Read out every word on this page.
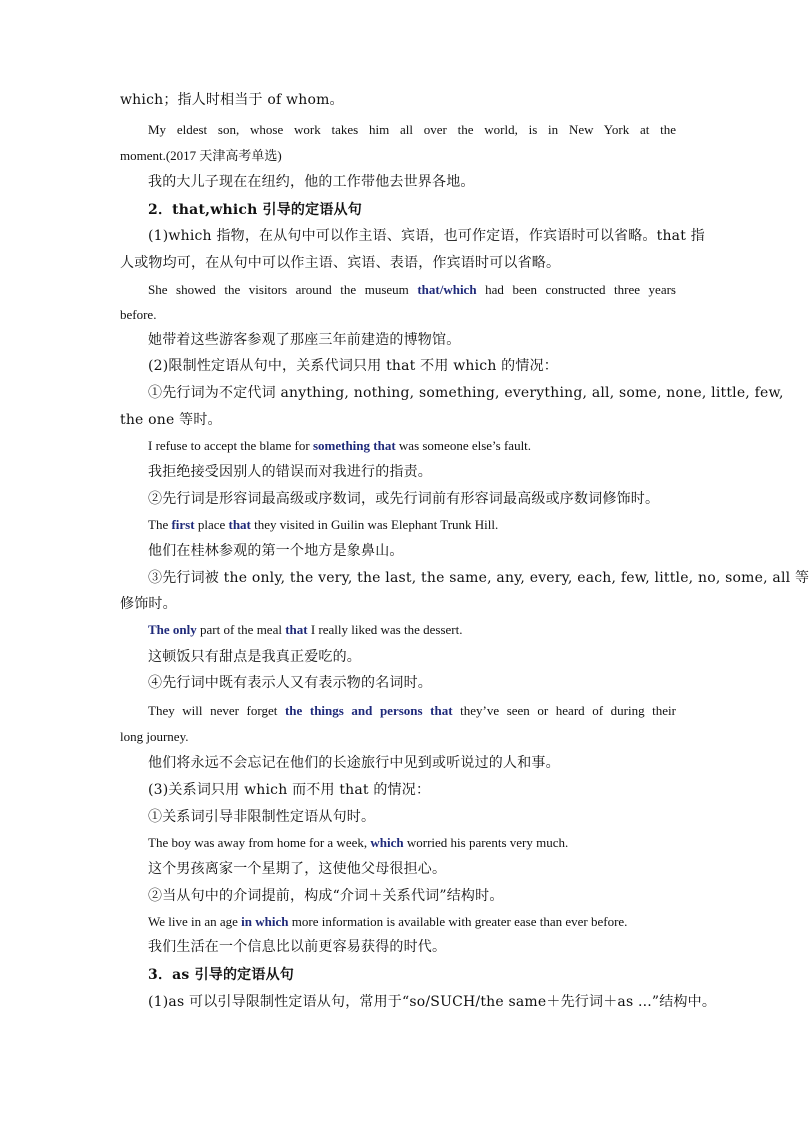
which；指人时相当于 of whom。
My eldest son, whose work takes him all over the world, is in New York at the
moment.(2017 天津高考单选)
我的大儿子现在在纽约，他的工作带他去世界各地。
2．that,which 引导的定语从句
(1)which 指物，在从句中可以作主语、宾语，也可作定语，作宾语时可以省略。that 指
人或物均可，在从句中可以作主语、宾语、表语，作宾语时可以省略。
She showed the visitors around the museum that/which had been constructed three years
before.
她带着这些游客参观了那座三年前建造的博物馆。
(2)限制性定语从句中，关系代词只用 that 不用 which 的情况：
①先行词为不定代词 anything, nothing, something, everything, all, some, none, little, few,
the one 等时。
I refuse to accept the blame for something that was someone else’s fault.
我拒绝接受因别人的错误而对我进行的指责。
②先行词是形容词最高级或序数词，或先行词前有形容词最高级或序数词修饰时。
The first place that they visited in Guilin was Elephant Trunk Hill.
他们在桂林参观的第一个地方是象鼻山。
③先行词被 the only, the very, the last, the same, any, every, each, few, little, no, some, all 等
修饰时。
The only part of the meal that I really liked was the dessert.
这顿饭只有甜点是我真正爱吃的。
④先行词中既有表示人又有表示物的名词时。
They will never forget the things and persons that they’ve seen or heard of during their
long journey.
他们将永远不会忘记在他们的长途旅行中见到或听说过的人和事。
(3)关系词只用 which 而不用 that 的情况：
①关系词引导非限制性定语从句时。
The boy was away from home for a week, which worried his parents very much.
这个男孩离家一个星期了，这使他父母很担心。
②当从句中的介词提前，构成“介词＋关系代词”结构时。
We live in an age in which more information is available with greater ease than ever before.
我们生活在一个信息比以前更容易获得的时代。
3．as 引导的定语从句
(1)as 可以引导限制性定语从句，常用于“so/SUCH/the same＋先行词＋as ...”结构中。
